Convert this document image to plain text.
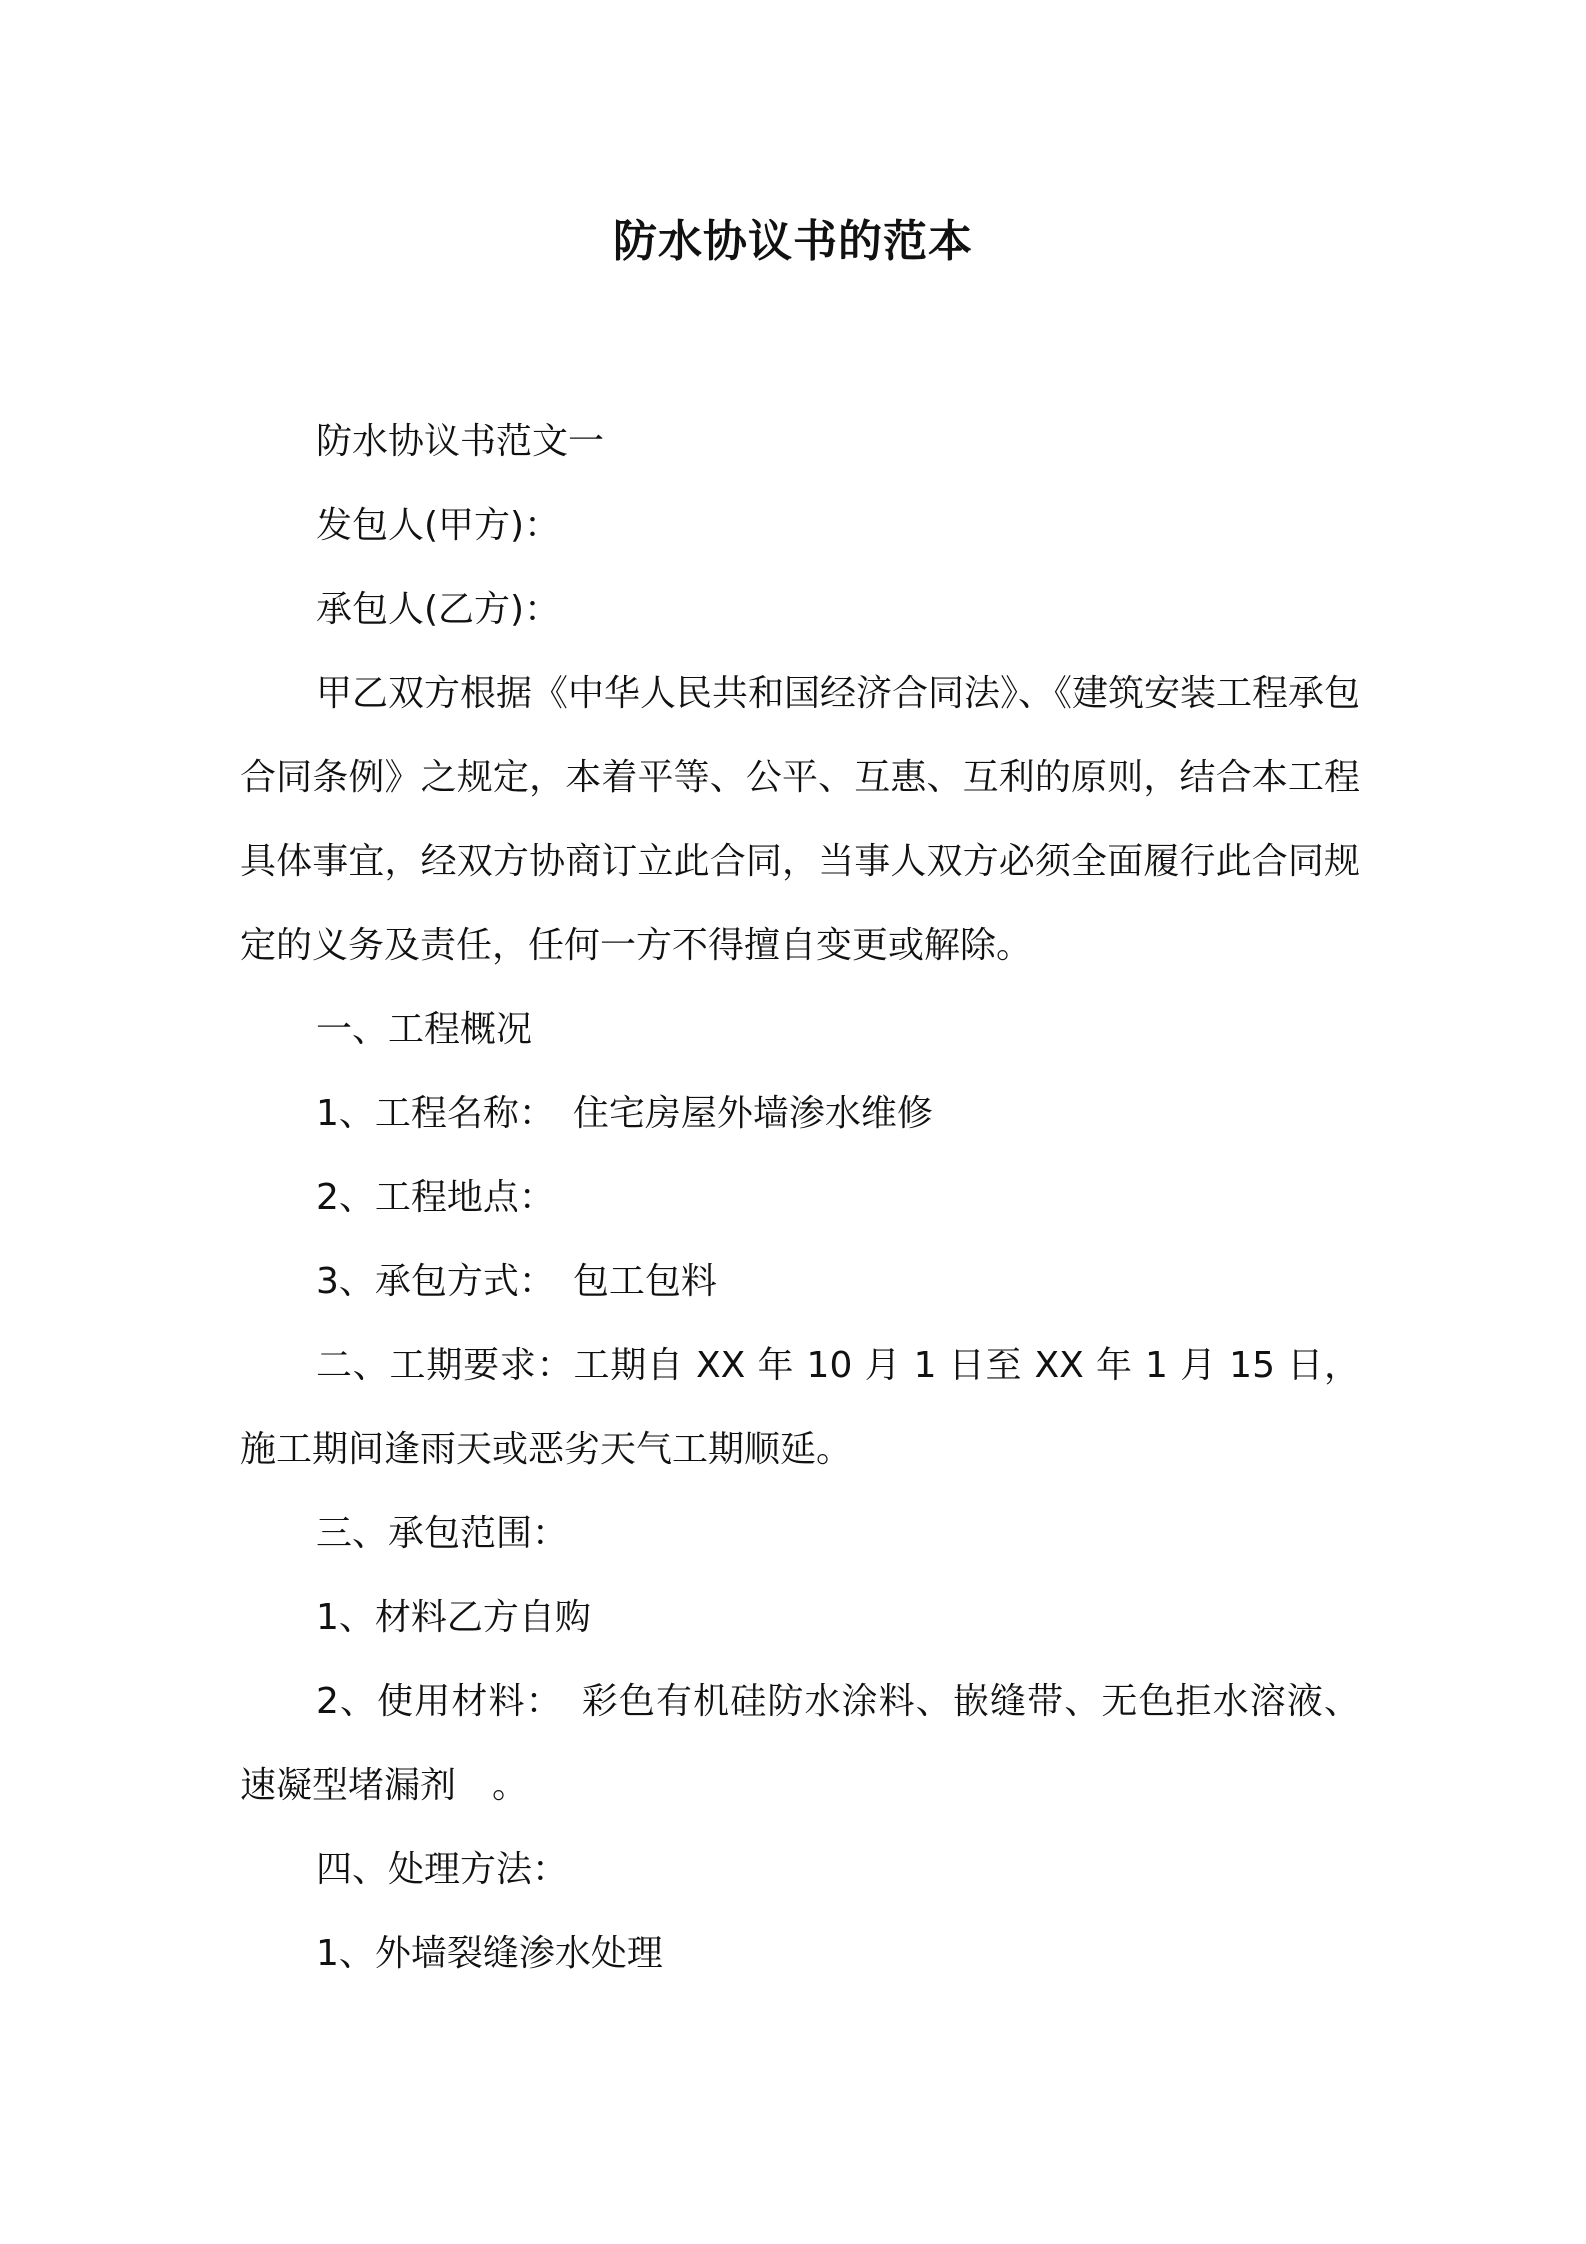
防水协议书的范本

防水协议书范文一

发包人(甲方)：

承包人(乙方)：

甲乙双方根据《中华人民共和国经济合同法》、《建筑安装工程承包合同条例》之规定，本着平等、公平、互惠、互利的原则，结合本工程具体事宜，经双方协商订立此合同，当事人双方必须全面履行此合同规定的义务及责任，任何一方不得擅自变更或解除。

一、工程概况

1、工程名称：　住宅房屋外墙渗水维修

2、工程地点：

3、承包方式：　包工包料

二、工期要求：工期自 XX 年 10 月 1 日至 XX 年 1 月 15 日，施工期间逢雨天或恶劣天气工期顺延。

三、承包范围：

1、材料乙方自购

2、使用材料：　彩色有机硅防水涂料、嵌缝带、无色拒水溶液、速凝型堵漏剂　。

四、处理方法：

1、外墙裂缝渗水处理
